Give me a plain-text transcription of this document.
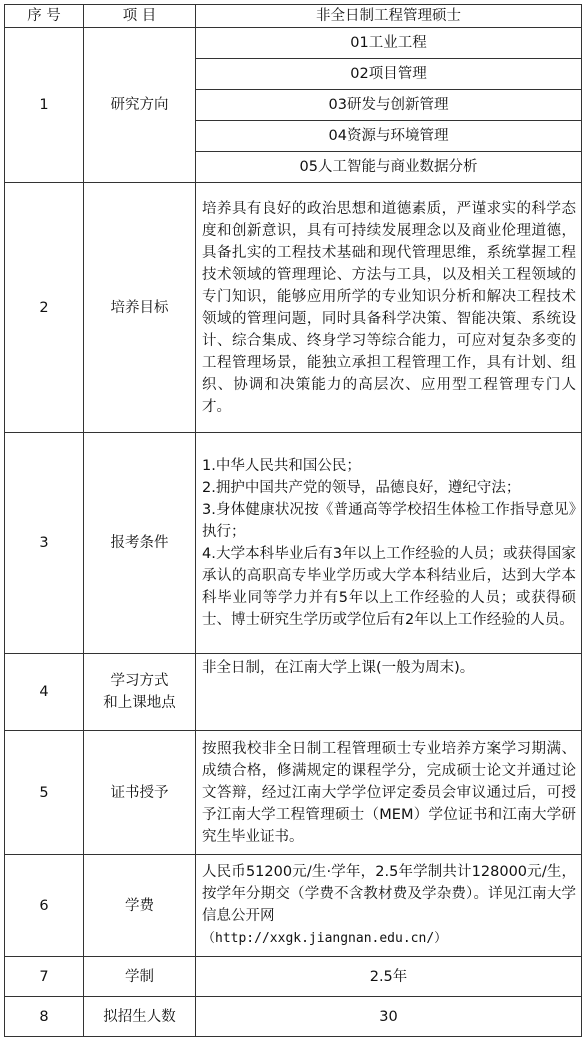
序 号	项 目	非全日制工程管理硕士
1	研究方向	01工业工程
		02项目管理
		03研发与创新管理
		04资源与环境管理
		05人工智能与商业数据分析
2	培养目标	培养具有良好的政治思想和道德素质，严谨求实的科学态度和创新意识，具有可持续发展理念以及商业伦理道德，具备扎实的工程技术基础和现代管理思维，系统掌握工程技术领域的管理理论、方法与工具，以及相关工程领域的专门知识，能够应用所学的专业知识分析和解决工程技术领域的管理问题，同时具备科学决策、智能决策、系统设计、综合集成、终身学习等综合能力，可应对复杂多变的工程管理场景，能独立承担工程管理工作，具有计划、组织、协调和决策能力的高层次、应用型工程管理专门人才。

3	报考条件	1.中华人民共和国公民；
2.拥护中国共产党的领导，品德良好，遵纪守法；
3.身体健康状况按《普通高等学校招生体检工作指导意见》执行；
4.大学本科毕业后有3年以上工作经验的人员；或获得国家承认的高职高专毕业学历或大学本科结业后，达到大学本科毕业同等学力并有5年以上工作经验的人员；或获得硕士、博士研究生学历或学位后有2年以上工作经验的人员。

4	学习方式
和上课地点	非全日制，在江南大学上课(一般为周末)。

5	证书授予	按照我校非全日制工程管理硕士专业培养方案学习期满、成绩合格，修满规定的课程学分，完成硕士论文并通过论文答辩，经过江南大学学位评定委员会审议通过后，可授予江南大学工程管理硕士（MEM）学位证书和江南大学研究生毕业证书。

6	学费	人民币51200元/生·学年，2.5年学制共计128000元/生，按学年分期交（学费不含教材费及学杂费）。详见江南大学信息公开网
（http://xxgk.jiangnan.edu.cn/）

7	学制	2.5年
8	拟招生人数	30
